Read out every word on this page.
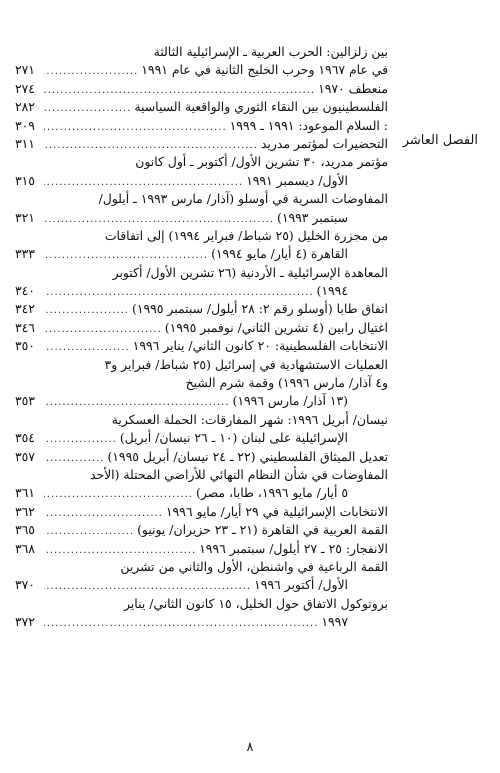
الفصل العاشر
بين زلزالين: الحرب العربية ـ الإسرائيلية الثالثة
في عام ١٩٦٧ وحرب الخليج الثانية في عام ١٩٩١
.....
٢٧١
منعطف ١٩٧٠
.....
٢٧٤
الفلسطينيون بين النقاء الثوري والواقعية السياسية
.....
٢٨٢
: السلام الموعود: ١٩٩١ ـ ١٩٩٩
.....
٣٠٩
التحضيرات لمؤتمر مدريد
.....
٣١١
مؤتمر مدريد، ٣٠ تشرين الأول/ أكتوبر ـ أول كانون
الأول/ ديسمبر ١٩٩١
.....
٣١٥
المفاوضات السرية في أوسلو (آذار/ مارس ١٩٩٣ ـ أيلول/
سبتمبر ١٩٩٣)
.....
٣٢١
من مجزرة الخليل (٢٥ شباط/ فبراير ١٩٩٤) إلى اتفاقات
القاهرة (٤ أيار/ مايو ١٩٩٤)
.....
٣٣٣
المعاهدة الإسرائيلية ـ الأردنية (٢٦ تشرين الأول/ أكتوبر
١٩٩٤)
.....
٣٤٠
اتفاق طابا (أوسلو رقم ٢: ٢٨ أيلول/ سبتمبر ١٩٩٥)
.....
٣٤٢
اغتيال رابين (٤ تشرين الثاني/ نوفمبر ١٩٩٥)
.....
٣٤٦
الانتخابات الفلسطينية: ٢٠ كانون الثاني/ يناير ١٩٩٦
.....
٣٥٠
العمليات الاستشهادية في إسرائيل (٢٥ شباط/ فبراير و٣
و٤ آذار/ مارس ١٩٩٦) وقمة شرم الشيخ
(١٣ آذار/ مارس ١٩٩٦)
.....
٣٥٣
نيسان/ أبريل ١٩٩٦: شهر المفارقات: الحملة العسكرية
الإسرائيلية على لبنان (١٠ ـ ٢٦ نيسان/ أبريل)
.....
٣٥٤
تعديل الميثاق الفلسطيني (٢٢ ـ ٢٤ نيسان/ أبريل ١٩٩٥)
.....
٣٥٧
المفاوضات في شأن النظام النهائي للأراضي المحتلة (الأحد
٥ أيار/ مايو ١٩٩٦، طابا، مصر)
.....
٣٦١
الانتخابات الإسرائيلية في ٢٩ أيار/ مايو ١٩٩٦
.....
٣٦٢
القمة العربية في القاهرة (٢١ ـ ٢٣ حزيران/ يونيو)
.....
٣٦٥
الانفجار: ٢٥ ـ ٢٧ أيلول/ سبتمبر ١٩٩٦
.....
٣٦٨
القمة الرباعية في واشنطن، الأول والثاني من تشرين
الأول/ أكتوبر ١٩٩٦
.....
٣٧٠
بروتوكول الاتفاق حول الخليل، ١٥ كانون الثاني/ يناير
١٩٩٧
.....
٣٧٢
٨
